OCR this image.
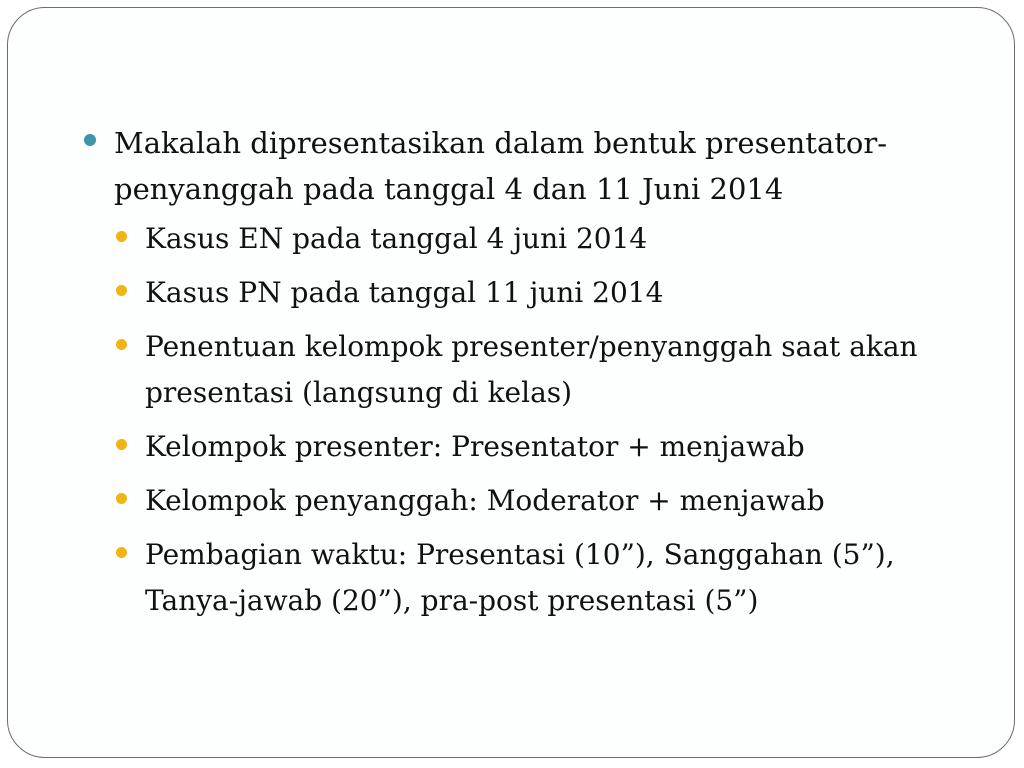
Makalah dipresentasikan dalam bentuk presentator-
penyanggah pada tanggal 4 dan 11 Juni 2014
Kasus EN pada tanggal 4 juni 2014
Kasus PN pada tanggal 11 juni 2014
Penentuan kelompok presenter/penyanggah saat akan
presentasi (langsung di kelas)
Kelompok presenter: Presentator + menjawab
Kelompok penyanggah: Moderator + menjawab
Pembagian waktu: Presentasi (10”), Sanggahan (5”),
Tanya-jawab (20”), pra-post presentasi (5”)
